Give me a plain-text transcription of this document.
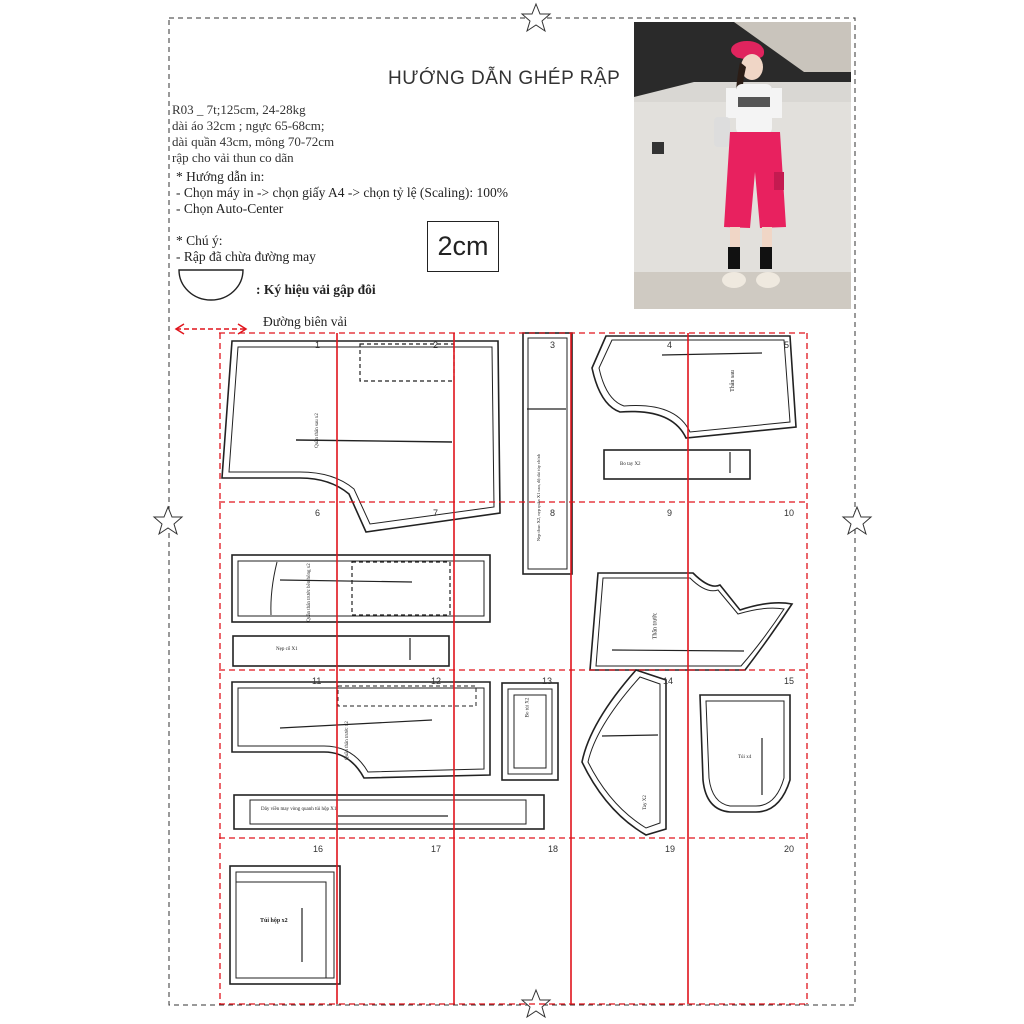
HƯỚNG DẪN GHÉP RẬP
R03 _ 7t;125cm, 24-28kg
dài áo 32cm ; ngực 65-68cm;
dài quần 43cm, mông 70-72cm
rập cho vải thun co dãn
* Hướng dẫn in:
- Chọn máy in -> chọn giấy A4 -> chọn tỷ lệ (Scaling): 100%
- Chọn Auto-Center
* Chú ý:
- Rập đã chừa đường may	2cm
: Ký hiệu vải gập đôi
Đường biên vải
1	2	3	4	5
6	7	8	9	10
11	12	13	14	15
16	17	18	19	20
Quần thân sau x2
Nẹp thun X2, nẹp quần X1 cao, độ dài tùy chỉnh
Thân sau
Bo tay X2
Quần thân trước bên hông x2
Nẹp cổ X1
Thân trước
Quần thân trước x2
Bo túi X2
Tay X2
Túi x4
Dây viền may vòng quanh túi hộp X1
Túi hộp x2
